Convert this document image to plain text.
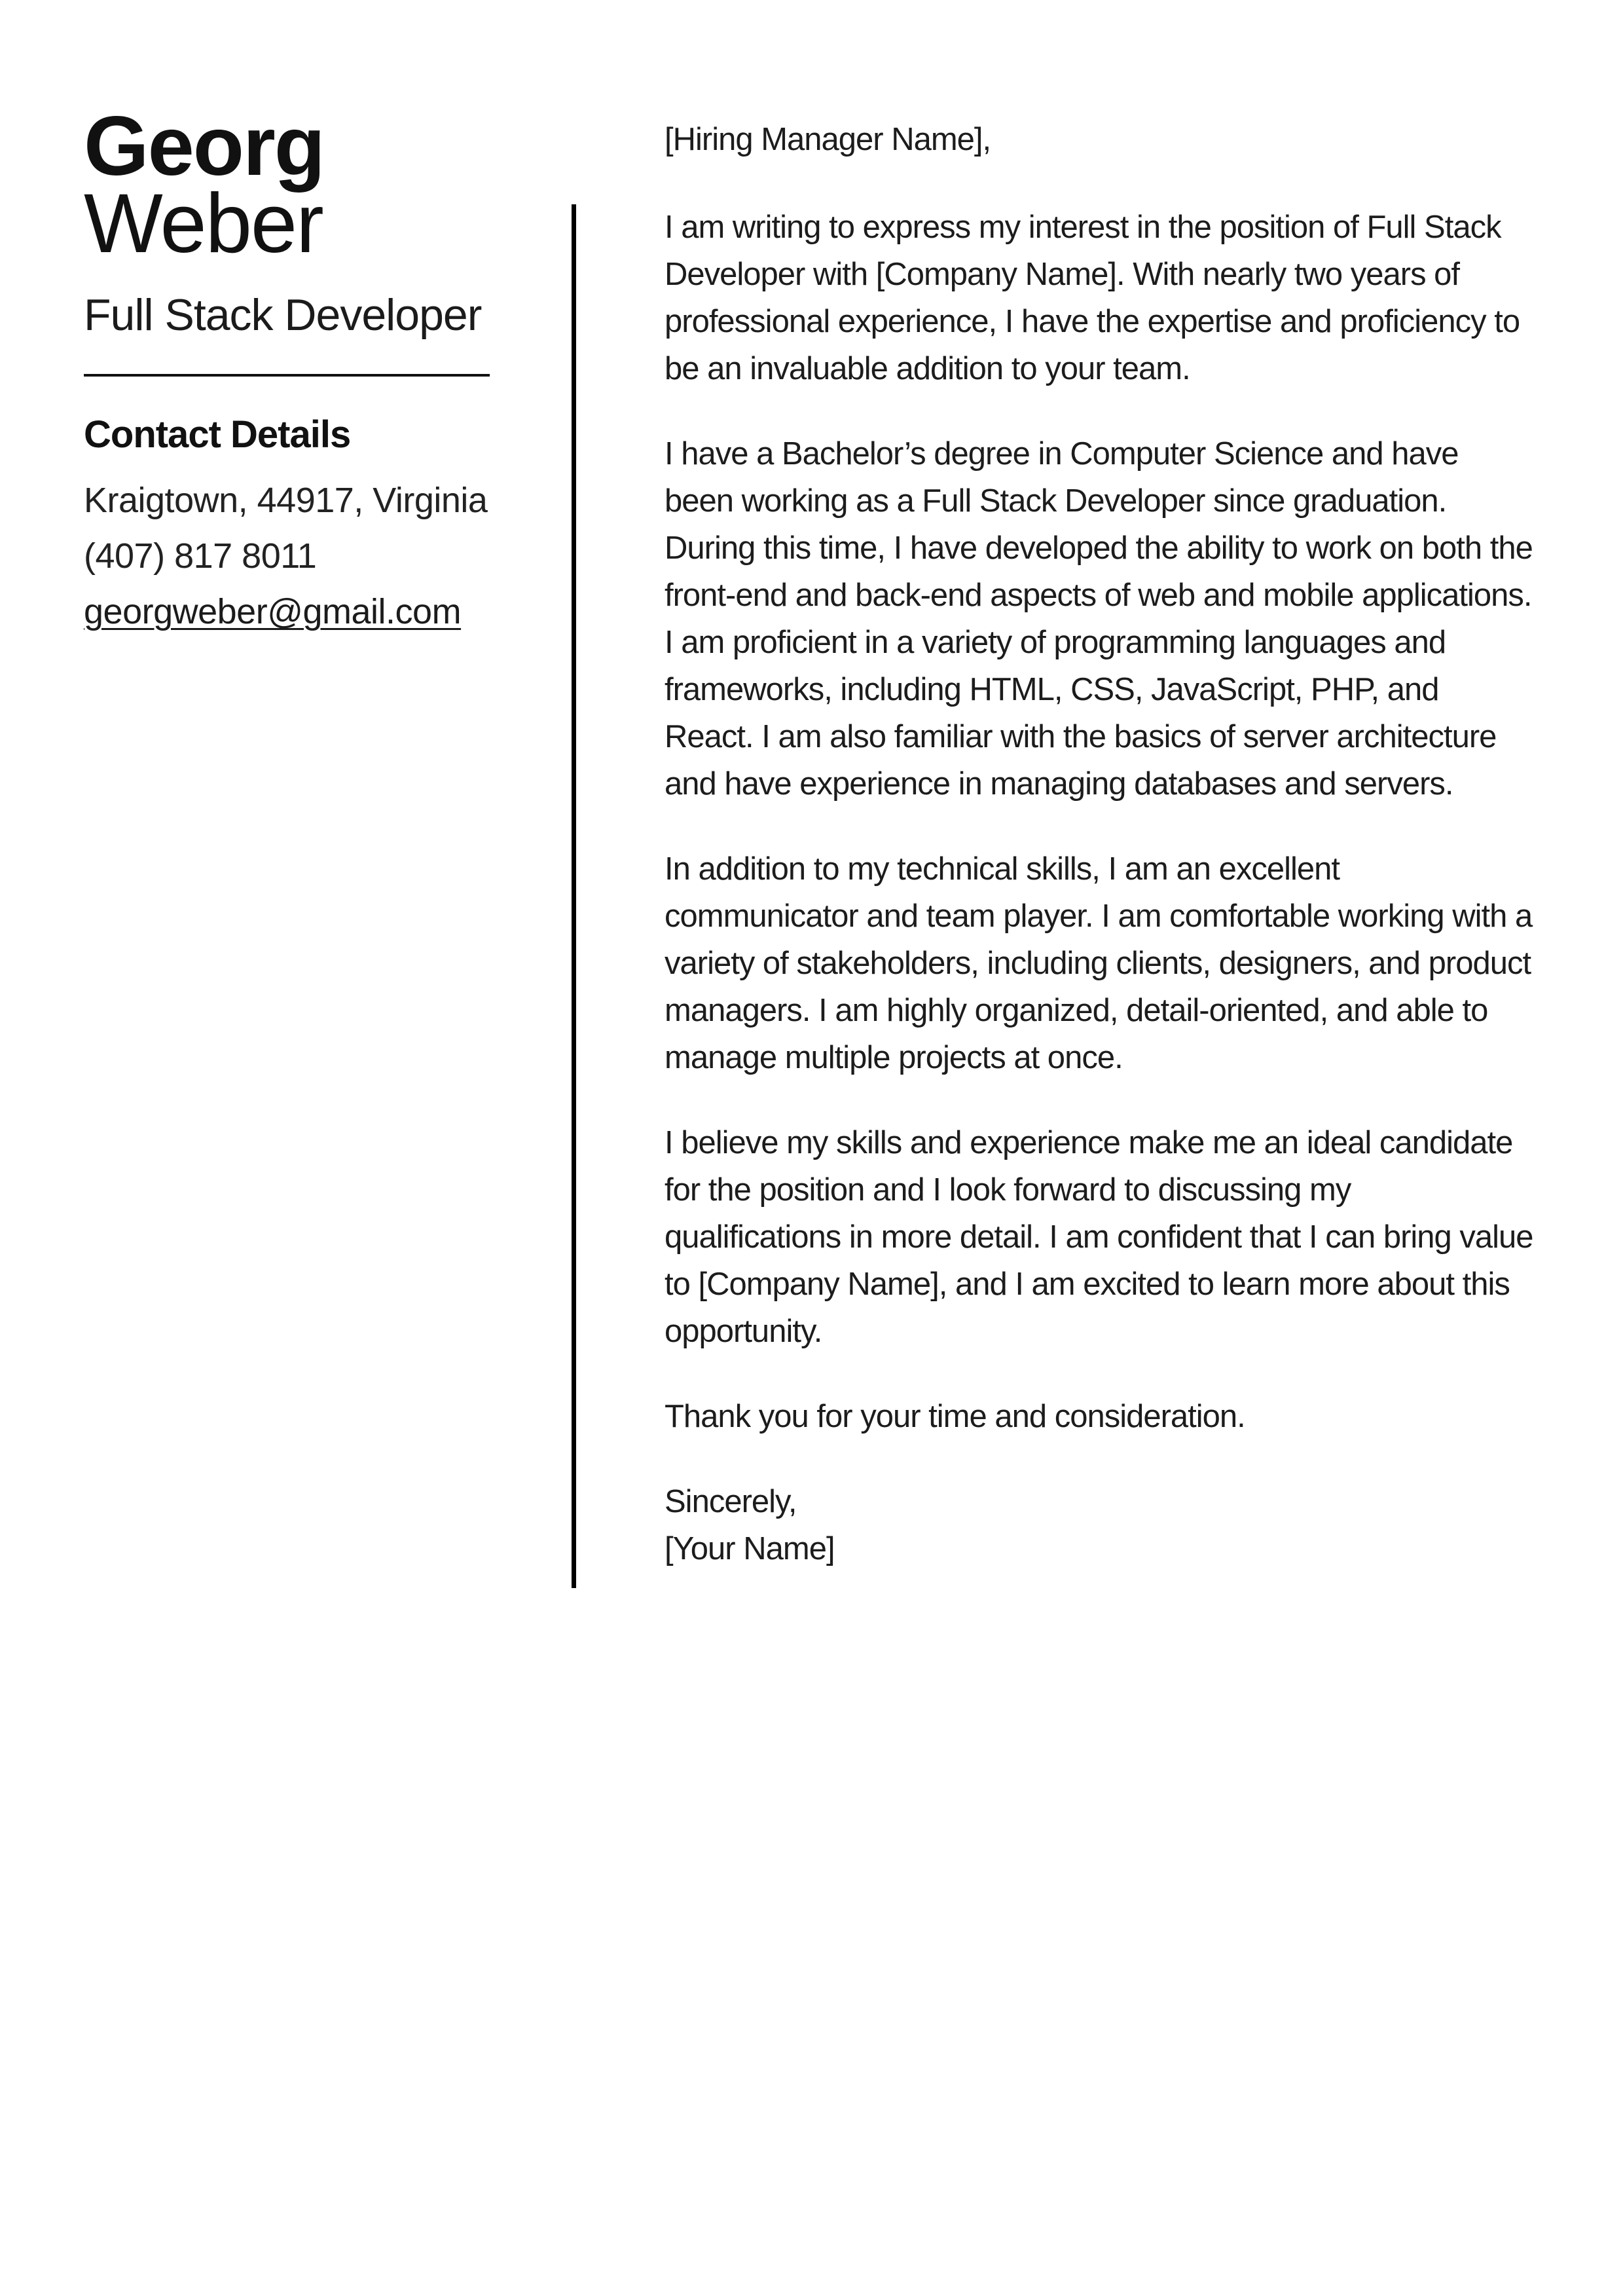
Georg
Weber
Full Stack Developer
Contact Details
Kraigtown, 44917, Virginia
(407) 817 8011
georgweber@gmail.com
[Hiring Manager Name],

I am writing to express my interest in the position of Full Stack Developer with [Company Name]. With nearly two years of professional experience, I have the expertise and proficiency to be an invaluable addition to your team.

I have a Bachelor’s degree in Computer Science and have been working as a Full Stack Developer since graduation. During this time, I have developed the ability to work on both the front-end and back-end aspects of web and mobile applications. I am proficient in a variety of programming languages and frameworks, including HTML, CSS, JavaScript, PHP, and React. I am also familiar with the basics of server architecture and have experience in managing databases and servers.

In addition to my technical skills, I am an excellent communicator and team player. I am comfortable working with a variety of stakeholders, including clients, designers, and product managers. I am highly organized, detail-oriented, and able to manage multiple projects at once.

I believe my skills and experience make me an ideal candidate for the position and I look forward to discussing my qualifications in more detail. I am confident that I can bring value to [Company Name], and I am excited to learn more about this opportunity.

Thank you for your time and consideration.

Sincerely,
[Your Name]
